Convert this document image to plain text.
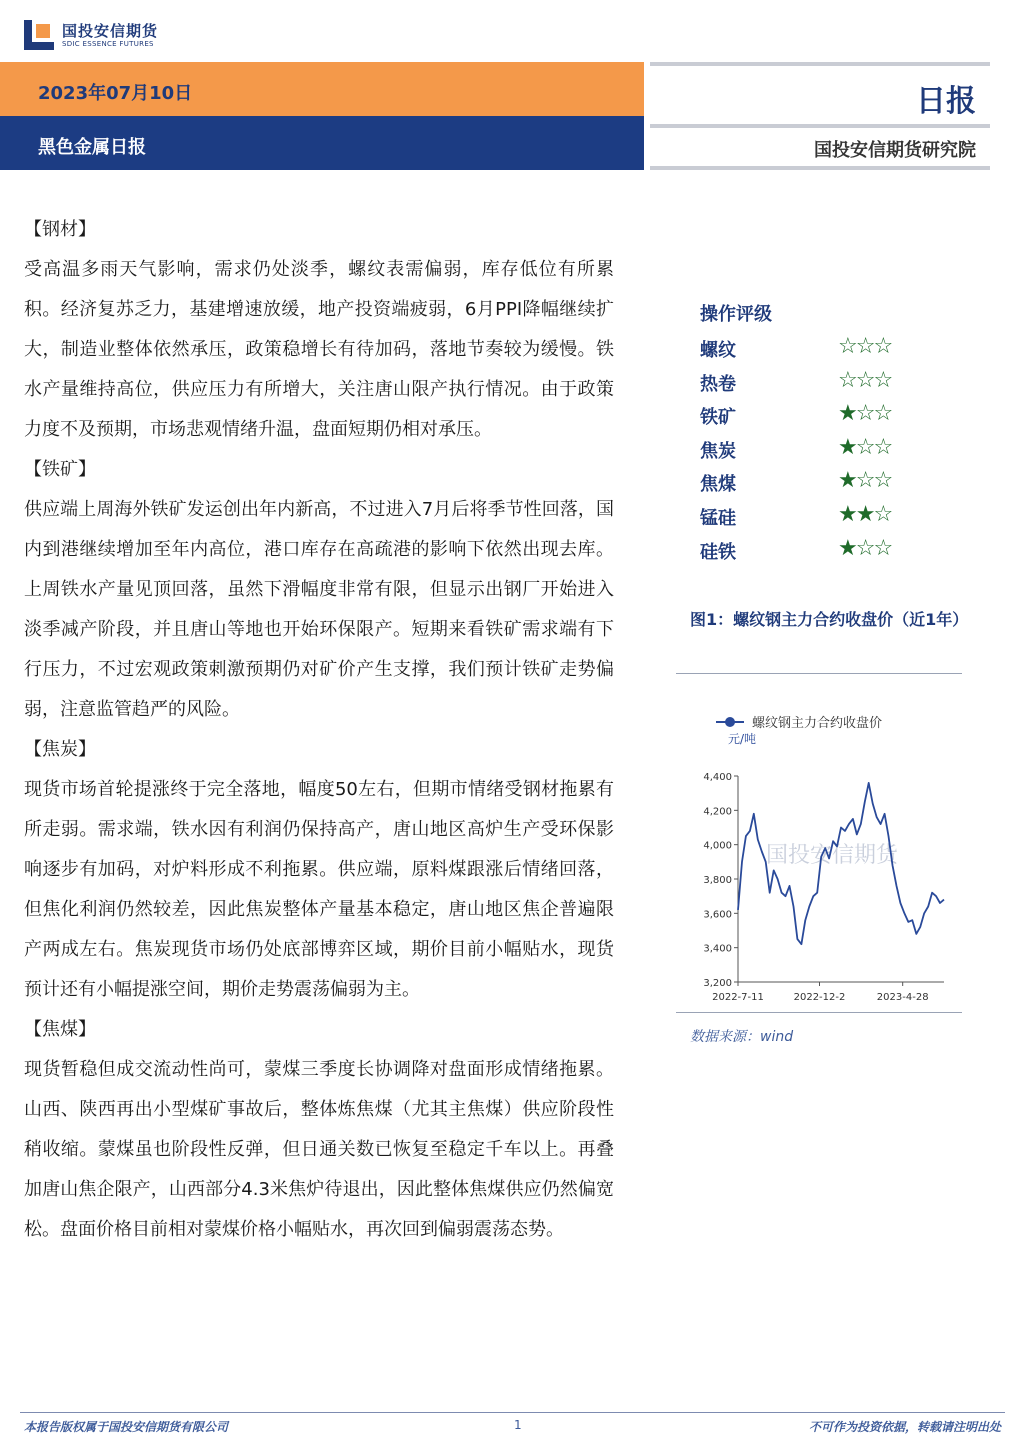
国投安信期货
SDIC ESSENCE FUTURES
2023年07月10日
黑色金属日报
日报
国投安信期货研究院

【钢材】

受高温多雨天气影响，需求仍处淡季，螺纹表需偏弱，库存低位有所累积。经济复苏乏力，基建增速放缓，地产投资端疲弱，6月PPI降幅继续扩大，制造业整体依然承压，政策稳增长有待加码，落地节奏较为缓慢。铁水产量维持高位，供应压力有所增大，关注唐山限产执行情况。由于政策力度不及预期，市场悲观情绪升温，盘面短期仍相对承压。

【铁矿】

供应端上周海外铁矿发运创出年内新高，不过进入7月后将季节性回落，国内到港继续增加至年内高位，港口库存在高疏港的影响下依然出现去库。上周铁水产量见顶回落，虽然下滑幅度非常有限，但显示出钢厂开始进入淡季减产阶段，并且唐山等地也开始环保限产。短期来看铁矿需求端有下行压力，不过宏观政策刺激预期仍对矿价产生支撑，我们预计铁矿走势偏弱，注意监管趋严的风险。

【焦炭】

现货市场首轮提涨终于完全落地，幅度50左右，但期市情绪受钢材拖累有所走弱。需求端，铁水因有利润仍保持高产，唐山地区高炉生产受环保影响逐步有加码，对炉料形成不利拖累。供应端，原料煤跟涨后情绪回落，但焦化利润仍然较差，因此焦炭整体产量基本稳定，唐山地区焦企普遍限产两成左右。焦炭现货市场仍处底部博弈区域，期价目前小幅贴水，现货预计还有小幅提涨空间，期价走势震荡偏弱为主。

【焦煤】

现货暂稳但成交流动性尚可，蒙煤三季度长协调降对盘面形成情绪拖累。山西、陕西再出小型煤矿事故后，整体炼焦煤（尤其主焦煤）供应阶段性稍收缩。蒙煤虽也阶段性反弹，但日通关数已恢复至稳定千车以上。再叠加唐山焦企限产，山西部分4.3米焦炉待退出，因此整体焦煤供应仍然偏宽松。盘面价格目前相对蒙煤价格小幅贴水，再次回到偏弱震荡态势。

操作评级
螺纹	☆☆☆
热卷	☆☆☆
铁矿	★☆☆
焦炭	★☆☆
焦煤	★☆☆
锰硅	★★☆
硅铁	★☆☆
图1：螺纹钢主力合约收盘价（近1年）
国投安信期货
螺纹钢主力合约收盘价
元/吨
3,200
3,400
3,600
3,800
4,000
4,200
4,400
2022-7-11	2022-12-2	2023-4-28
数据来源：wind
本报告版权属于国投安信期货有限公司	1	不可作为投资依据，转载请注明出处
